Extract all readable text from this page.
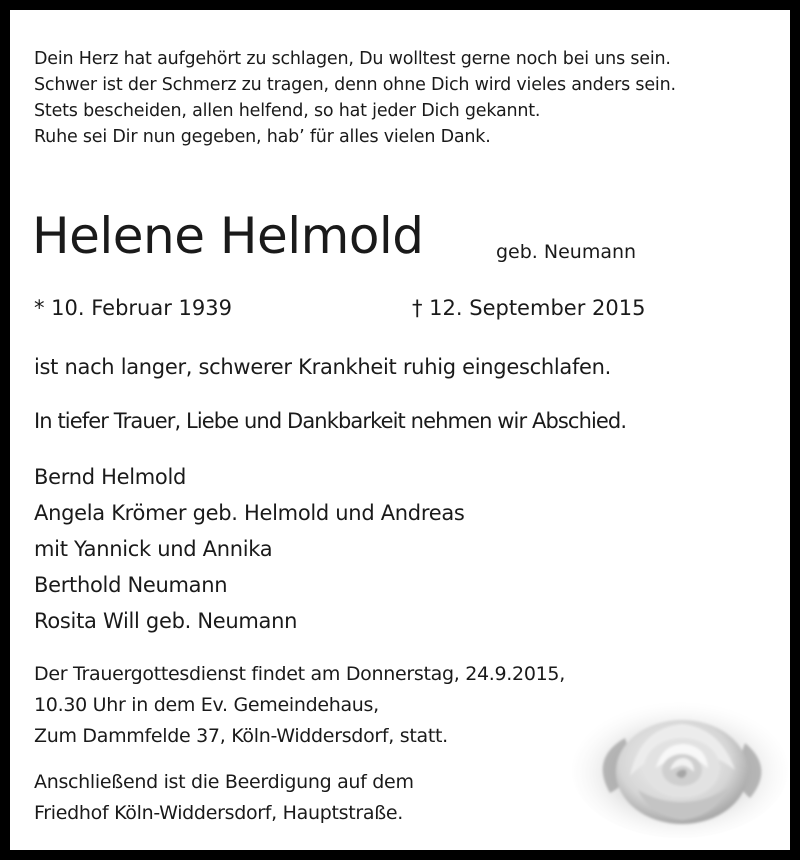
Dein Herz hat aufgehört zu schlagen, Du wolltest gerne noch bei uns sein.
Schwer ist der Schmerz zu tragen, denn ohne Dich wird vieles anders sein.
Stets bescheiden, allen helfend, so hat jeder Dich gekannt.
Ruhe sei Dir nun gegeben, hab’ für alles vielen Dank.
Helene Helmold	geb. Neumann
* 10. Februar 1939	† 12. September 2015
ist nach langer, schwerer Krankheit ruhig eingeschlafen.
In tiefer Trauer, Liebe und Dankbarkeit nehmen wir Abschied.
Bernd Helmold
Angela Krömer geb. Helmold und Andreas
mit Yannick und Annika
Berthold Neumann
Rosita Will geb. Neumann
Der Trauergottesdienst findet am Donnerstag, 24.9.2015,
10.30 Uhr in dem Ev. Gemeindehaus,
Zum Dammfelde 37, Köln-Widdersdorf, statt.
Anschließend ist die Beerdigung auf dem
Friedhof Köln-Widdersdorf, Hauptstraße.
